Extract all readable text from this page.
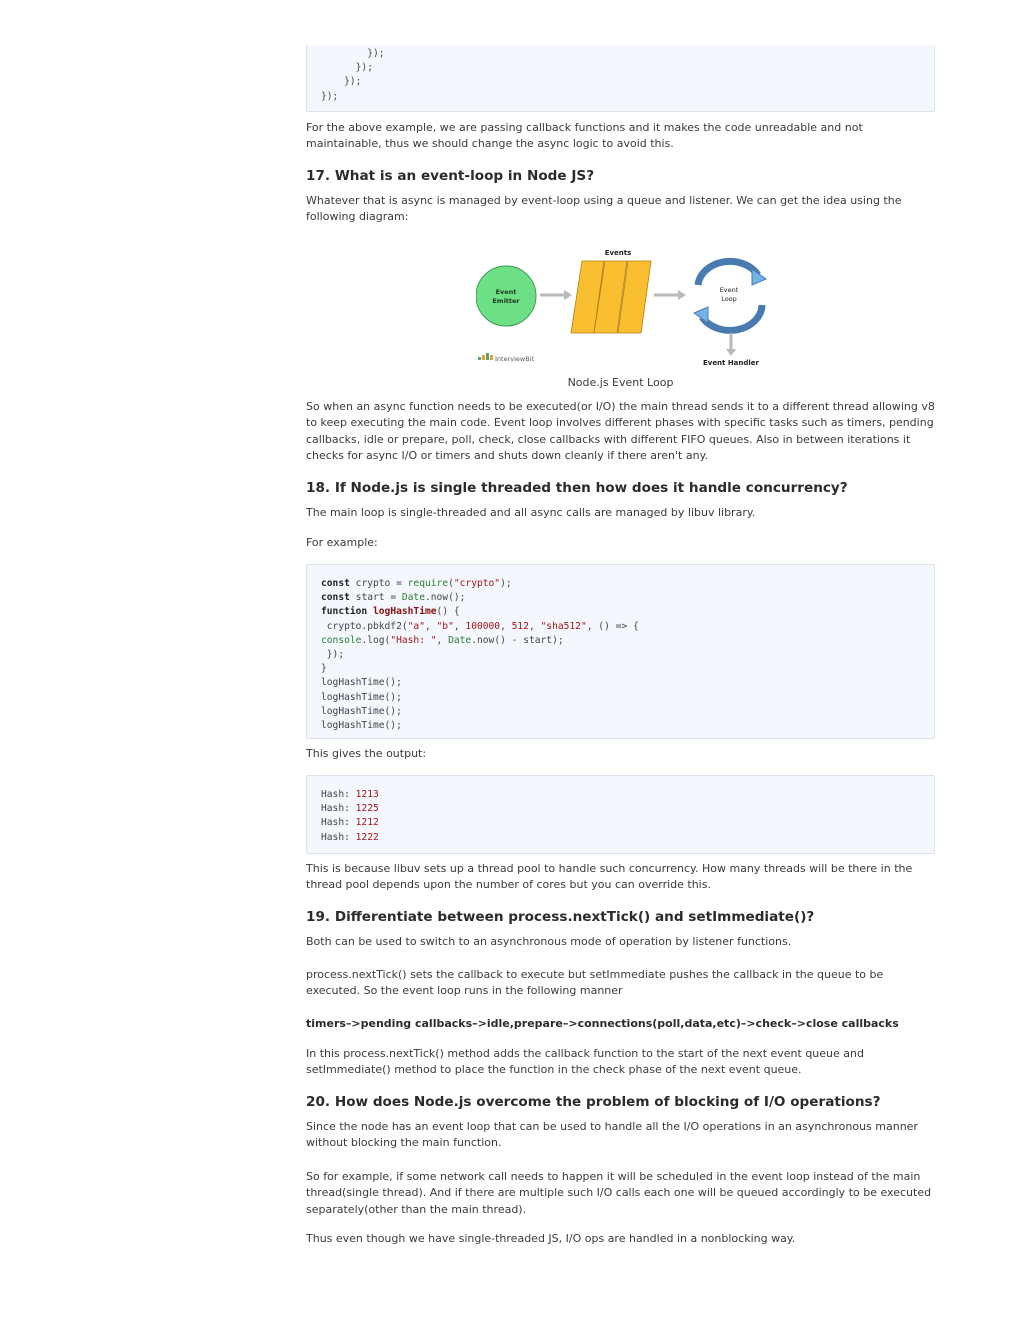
});
});
});
});

For the above example, we are passing callback functions and it makes the code unreadable and not maintainable, thus we should change the async logic to avoid this.

17. What is an event-loop in Node JS?

Whatever that is async is managed by event-loop using a queue and listener. We can get the idea using the following diagram:

Events
Event
Emitter
Event
Loop
Event Handler
InterviewBit
Node.js Event Loop

So when an async function needs to be executed(or I/O) the main thread sends it to a different thread allowing v8 to keep executing the main code. Event loop involves different phases with specific tasks such as timers, pending callbacks, idle or prepare, poll, check, close callbacks with different FIFO queues. Also in between iterations it checks for async I/O or timers and shuts down cleanly if there aren't any.

18. If Node.js is single threaded then how does it handle concurrency?

The main loop is single-threaded and all async calls are managed by libuv library.

For example:

const crypto = require("crypto");
const start = Date.now();
function logHashTime() {
crypto.pbkdf2("a", "b", 100000, 512, "sha512", () => {
console.log("Hash: ", Date.now() - start);
});
}
logHashTime();
logHashTime();
logHashTime();
logHashTime();

This gives the output:

Hash: 1213
Hash: 1225
Hash: 1212
Hash: 1222

This is because libuv sets up a thread pool to handle such concurrency. How many threads will be there in the thread pool depends upon the number of cores but you can override this.

19. Differentiate between process.nextTick() and setImmediate()?

Both can be used to switch to an asynchronous mode of operation by listener functions.

process.nextTick() sets the callback to execute but setImmediate pushes the callback in the queue to be executed. So the event loop runs in the following manner

timers–>pending callbacks–>idle,prepare–>connections(poll,data,etc)–>check–>close callbacks

In this process.nextTick() method adds the callback function to the start of the next event queue and setImmediate() method to place the function in the check phase of the next event queue.

20. How does Node.js overcome the problem of blocking of I/O operations?

Since the node has an event loop that can be used to handle all the I/O operations in an asynchronous manner without blocking the main function.

So for example, if some network call needs to happen it will be scheduled in the event loop instead of the main thread(single thread). And if there are multiple such I/O calls each one will be queued accordingly to be executed separately(other than the main thread).

Thus even though we have single-threaded JS, I/O ops are handled in a nonblocking way.
